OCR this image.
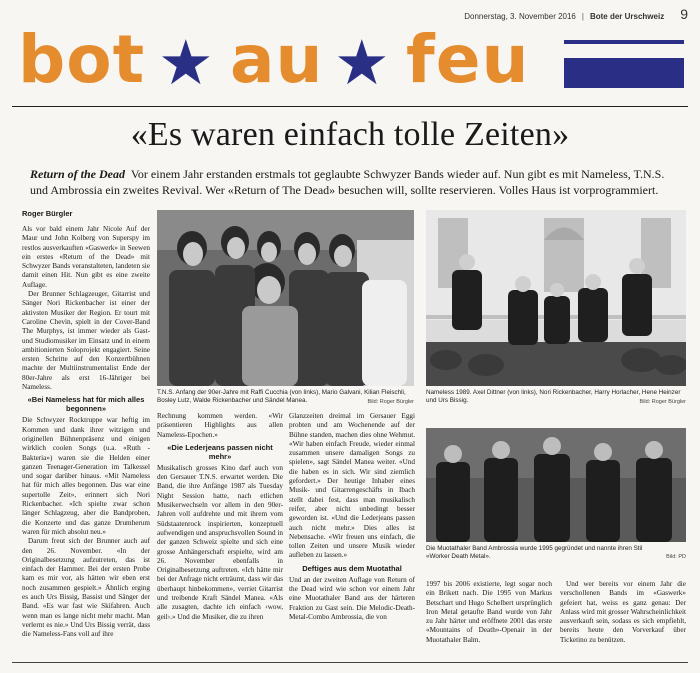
Donnerstag, 3. November 2016 | Bote der Urschweiz 9
bot ★ au ★ feu
«Es waren einfach tolle Zeiten»
Return of the Dead Vor einem Jahr erstanden erstmals tot geglaubte Schwyzer Bands wieder auf. Nun gibt es mit Nameless, T.N.S. und Ambrossia ein zweites Revival. Wer «Return of The Dead» besuchen will, sollte reservieren. Volles Haus ist vorprogrammiert.
Roger Bürgler

Als vor bald einem Jahr Nicole Auf der Maur und John Kolberg von Superspy im restlos ausverkauften «Gaswerk» in Seewen ein erstes «Return of the Dead» mit Schwyzer Bands veranstalteten, landeten sie damit einen Hit. Nun gibt es eine zweite Auflage.

Der Brunner Schlagzeuger, Gitarrist und Sänger Nori Rickenbacher ist einer der aktivsten Musiker der Region. Er tourt mit Caroline Chevin, spielt in der Cover-Band The Murphys, ist immer wieder als Gast- und Studiomusiker im Einsatz und in einem ambitionierten Soloprojekt engagiert. Seine ersten Schritte auf den Konzertbühnen machte der Multiinstrumentalist Ende der 80er-Jahre als erst 16-Jähriger bei Nameless.

«Bei Nameless hat für mich alles begonnen»

Die Schwyzer Rocktruppe war heftig im Kommen und dank ihrer witzigen und originellen Bühnenpräsenz und einigen wirklich coolen Songs (u.a. «Ruth - Bakteria») waren sie die Helden einer ganzen Teenager-Generation im Talkessel und sogar darüber hinaus. «Mit Nameless hat für mich alles begonnen. Das war eine supertolle Zeit», erinnert sich Nori Rickenbacher. «Ich spielte zwar schon länger Schlagzeug, aber die Bandproben, die Konzerte und das ganze Drumherum waren für mich absolut neu.»

Darum freut sich der Brunner auch auf den 26. November. «In der Originalbesetzung aufzutreten, das ist einfach der Hammer. Bei der ersten Probe kam es mir vor, als hätten wir eben erst noch zusammen gespielt.» Ähnlich erging es auch Urs Bissig, Bassist und Sänger der Band. «Es war fast wie Skifahren. Auch wenn man es lange nicht mehr macht. Man verlernt es nie.» Und Urs Bissig verrät, dass die Nameless-Fans voll auf ihre

T.N.S. Anfang der 90er-Jahre mit Raffi Cucchia (von links), Mario Galvani, Kilian Fleischli, Bosley Lutz, Walde Rickenbacher und Sändel Manea.	Bild: Roger Bürgler
Nameless 1989. Axel Dittner (von links), Nori Rickenbacher, Harry Horlacher, Hene Heinzer und Urs Bissig.	Bild: Roger Bürgler

Rechnung kommen werden. «Wir präsentieren Highlights aus allen Nameless-Epochen.»

«Die Lederjeans passen nicht mehr»

Musikalisch grosses Kino darf auch von den Gersauer T.N.S. erwartet werden. Die Band, die ihre Anfänge 1987 als Tuesday Night Session hatte, nach etlichen Musikerwechseln vor allem in den 90er-Jahren voll aufdrehte und mit ihrem vom Südstaatenrock inspirierten, konzeptuell aufwendigen und anspruchsvollen Sound in der ganzen Schweiz spielte und sich eine grosse Anhängerschaft erspielte, wird am 26. November ebenfalls in Originalbesetzung auftreten. «Ich hätte mir bei der Anfrage nicht erträumt, dass wir das überhaupt hinbekommen», verriet Gitarrist und treibende Kraft Sändel Manea. «Als alle zusagten, dachte ich einfach ‹wow, geil›.» Und die Musiker, die zu ihren

Glanzzeiten dreimal im Gersauer Eggi probten und am Wochenende auf der Bühne standen, machen dies ohne Wehmut. «Wir haben einfach Freude, wieder einmal zusammen unsere damaligen Songs zu spielen», sagt Sändel Manea weiter. «Und die haben es in sich. Wir sind ziemlich gefordert.» Der heutige Inhaber eines Musik- und Gitarrengeschäfts in Ibach stellt dabei fest, dass man musikalisch reifer, aber nicht unbedingt besser geworden ist. «Und die Lederjeans passen auch nicht mehr.» Dies alles ist Nebensache. «Wir freuen uns einfach, die tollen Zeiten und unsere Musik wieder aufleben zu lassen.»

Deftiges aus dem Muotathal

Und an der zweiten Auflage von Return of the Dead wird wie schon vor einem Jahr eine Muotathaler Band aus der härteren Fraktion zu Gast sein. Die Melodic-Death-Metal-Combo Ambrossia, die von

Die Muotathaler Band Ambrossia wurde 1995 gegründet und nannte ihren Stil «Worker Death Metal».	Bild: PD

1997 bis 2006 existierte, legt sogar noch ein Brikett nach. Die 1995 von Markus Betschart und Hugo Schelbert ursprünglich Iron Metal getaufte Band wurde von Jahr zu Jahr härter und eröffnete 2001 das erste «Mountains of Death»-Openair in der Muotathaler Balm.

Und wer bereits vor einem Jahr die verschollenen Bands im «Gaswerk» gefeiert hat, weiss es ganz genau: Der Anlass wird mit grosser Wahrscheinlichkeit ausverkauft sein, sodass es sich empfiehlt, bereits heute den Vorverkauf über Ticketino zu benützen.
